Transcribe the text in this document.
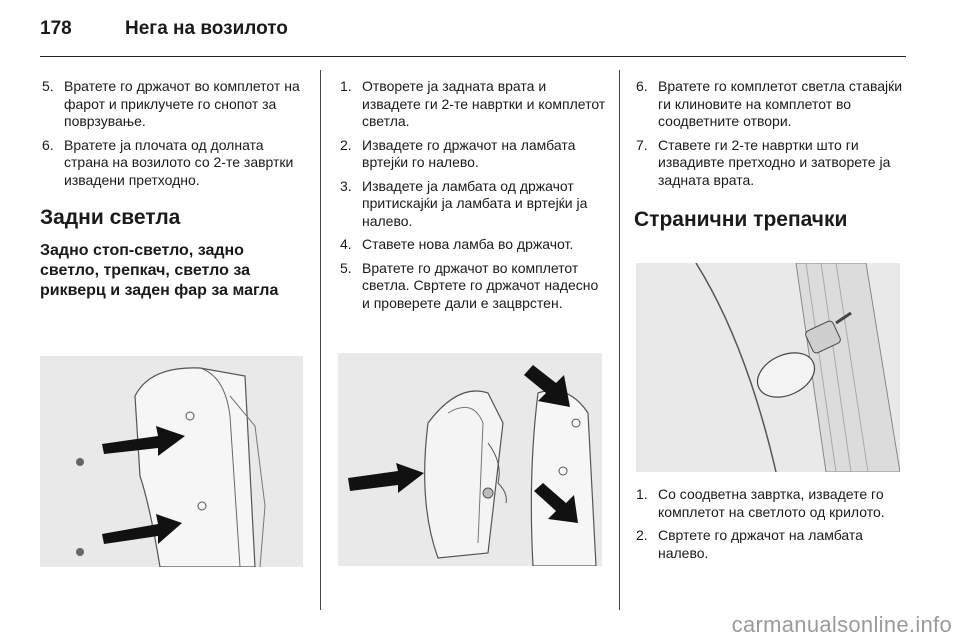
178	Нега на возилото
5. Вратете го држачот во комплетот на фарот и приклучете го снопот за поврзување.
6. Вратете ја плочата од долната страна на возилото со 2-те завртки извадени претходно.
Задни светла
Задно стоп-светло, задно светло, трепкач, светло за рикверц и заден фар за магла
1. Отворете ја задната врата и извадете ги 2-те навртки и комплетот светла.
2. Извадете го држачот на ламбата вртејќи го налево.
3. Извадете ја ламбата од држачот притискајќи ја ламбата и вртејќи ја налево.
4. Ставете нова ламба во држачот.
5. Вратете го држачот во комплетот светла. Свртете го држачот надесно и проверете дали е зацврстен.
6. Вратете го комплетот светла ставајќи ги клиновите на комплетот во соодветните отвори.
7. Ставете ги 2-те навртки што ги извадивте претходно и затворете ја задната врата.
Странични трепачки
1. Со соодветна завртка, извадете го комплетот на светлото од крилото.
2. Свртете го држачот на ламбата налево.
carmanualsonline.info
